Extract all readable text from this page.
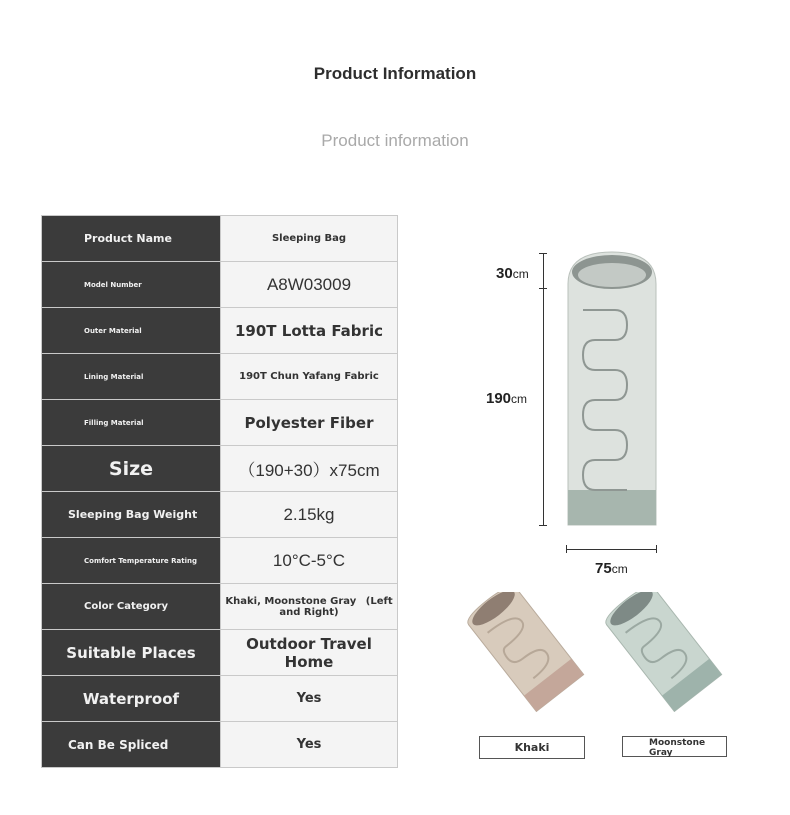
Product Information
Product information
Product Name	Sleeping Bag
Model Number	A8W03009
Outer Material	190T Lotta Fabric
Lining Material	190T Chun Yafang Fabric
Filling Material	Polyester Fiber
Size	（190+30）x75cm
Sleeping Bag Weight	2.15kg
Comfort Temperature Rating	10°C-5°C
Color Category	Khaki, Moonstone Gray (Left and Right)
Suitable Places	Outdoor Travel Home
Waterproof	Yes
Can Be Spliced	Yes
30cm
190cm
75cm
Khaki	Moonstone Gray
